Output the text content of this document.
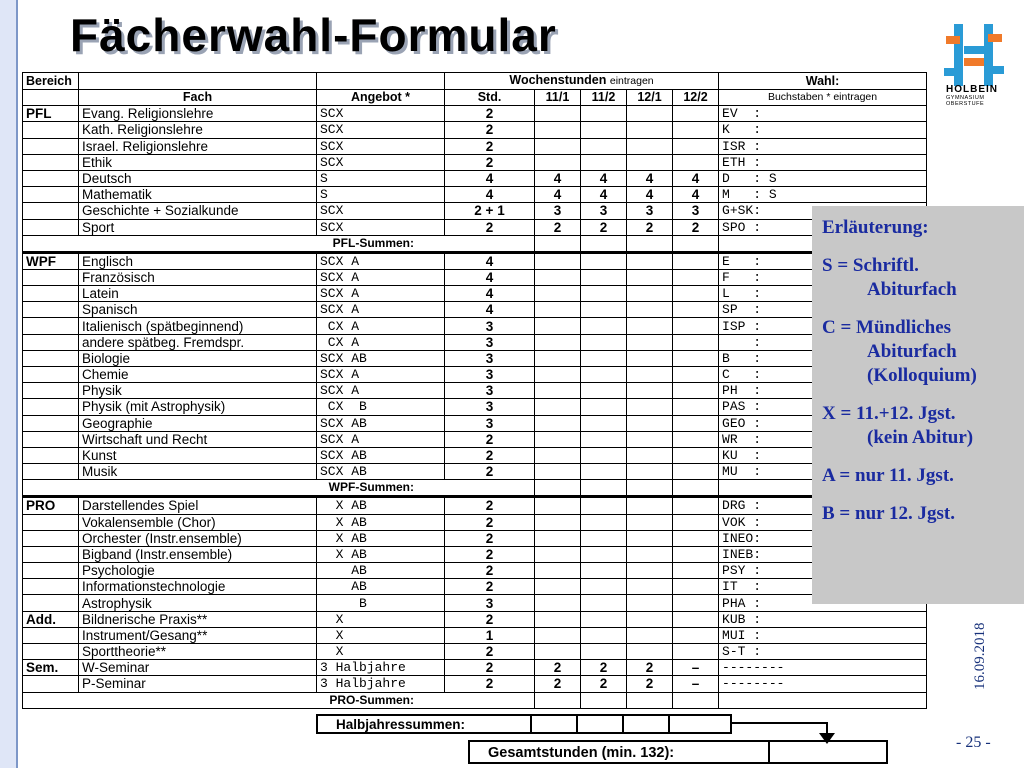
Fächerwahl-Formular
HOLBEIN
GYMNASIUM
OBERSTUFE
Bereich			Wochenstunden eintragen					Wahl:
	Fach	Angebot *	Std.	11/1	11/2	12/1	12/2	Buchstaben * eintragen
PFL	Evang. Religionslehre	SCX	2					EV  :
	Kath. Religionslehre	SCX	2					K   :
	Israel. Religionslehre	SCX	2					ISR :
	Ethik	SCX	2					ETH :
	Deutsch	S	4	4	4	4	4	D   : S
	Mathematik	S	4	4	4	4	4	M   : S
	Geschichte + Sozialkunde	SCX	2 + 1	3	3	3	3	G+SK:
	Sport	SCX	2	2	2	2	2	SPO :
PFL-Summen:								
WPF	Englisch	SCX A	4					E   :
	Französisch	SCX A	4					F   :
	Latein	SCX A	4					L   :
	Spanisch	SCX A	4					SP  :
	Italienisch (spätbeginnend)	CX A	3					ISP :
	andere spätbeg. Fremdspr.	CX A	3					:
	Biologie	SCX AB	3					B   :
	Chemie	SCX A	3					C   :
	Physik	SCX A	3					PH  :
	Physik (mit Astrophysik)	CX  B	3					PAS :
	Geographie	SCX AB	3					GEO :
	Wirtschaft und Recht	SCX A	2					WR  :
	Kunst	SCX AB	2					KU  :
	Musik	SCX AB	2					MU  :
WPF-Summen:								
PRO	Darstellendes Spiel	X AB	2					DRG :
	Vokalensemble (Chor)	X AB	2					VOK :
	Orchester (Instr.ensemble)	X AB	2					INEO:
	Bigband (Instr.ensemble)	X AB	2					INEB:
	Psychologie	AB	2					PSY :
	Informationstechnologie	AB	2					IT  :
	Astrophysik	B	3					PHA :
Add.	Bildnerische Praxis**	X	2					KUB :
	Instrument/Gesang**	X	1					MUI :
	Sporttheorie**	X	2					S-T :
Sem.	W-Seminar	3 Halbjahre	2	2	2	2	–	--------
	P-Seminar	3 Halbjahre	2	2	2	2	–	--------
PRO-Summen:								
Halbjahressummen:
Gesamtstunden (min. 132):
Erläuterung:
S = Schriftl.
Abiturfach
C = Mündliches
Abiturfach
(Kolloquium)
X = 11.+12. Jgst.
(kein Abitur)
A = nur 11. Jgst.
B = nur 12. Jgst.
16.09.2018
- 25 -
